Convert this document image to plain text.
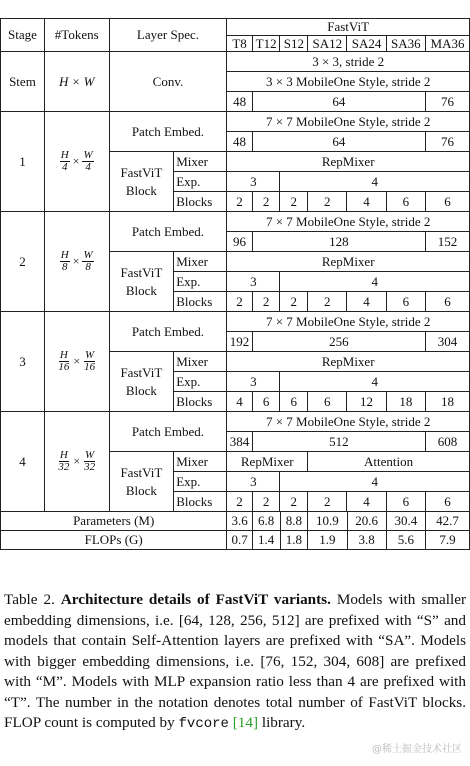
Stage	#Tokens	Layer Spec.	FastViT						
			T8	T12	S12	SA12	SA24	SA36	MA36
Stem	H × W	Conv.	3 × 3, stride 2						
			3 × 3 MobileOne Style, stride 2						
			48	64					76
1	$\frac{H}{4} \times \frac{W}{4}$	Patch Embed.		7 × 7 MobileOne Style, stride 2						
				48	64					76
		FastViT Block	Mixer	RepMixer						
			Exp.	3		4				
			Blocks	2	2	2	2	4	6	6
2	$\frac{H}{8} \times \frac{W}{8}$	Patch Embed.		7 × 7 MobileOne Style, stride 2						
				96	128					152
		FastViT Block	Mixer	RepMixer						
			Exp.	3		4				
			Blocks	2	2	2	2	4	6	6
3	$\frac{H}{16} \times \frac{W}{16}$	Patch Embed.		7 × 7 MobileOne Style, stride 2						
				192	256					304
		FastViT Block	Mixer	RepMixer						
			Exp.	3		4				
			Blocks	4	6	6	6	12	18	18
4	$\frac{H}{32} \times \frac{W}{32}$	Patch Embed.		7 × 7 MobileOne Style, stride 2						
				384	512					608
		FastViT Block	Mixer	RepMixer			Attention			
			Exp.	3		4				
			Blocks	2	2	2	2	4	6	6
Parameters (M)	3.6	6.8	8.8	10.9	20.6	30.4	42.7
FLOPs (G)	0.7	1.4	1.8	1.9	3.8	5.6	7.9
Table 2. Architecture details of FastViT variants. Models with smaller embedding dimensions, i.e. [64, 128, 256, 512] are prefixed with “S” and models that contain Self-Attention layers are prefixed with “SA”. Models with bigger embedding dimensions, i.e. [76, 152, 304, 608] are prefixed with “M”. Models with MLP expansion ratio less than 4 are prefixed with “T”. The number in the notation denotes total number of FastViT blocks. FLOP count is computed by fvcore [14] library.
@稀土掘金技术社区
